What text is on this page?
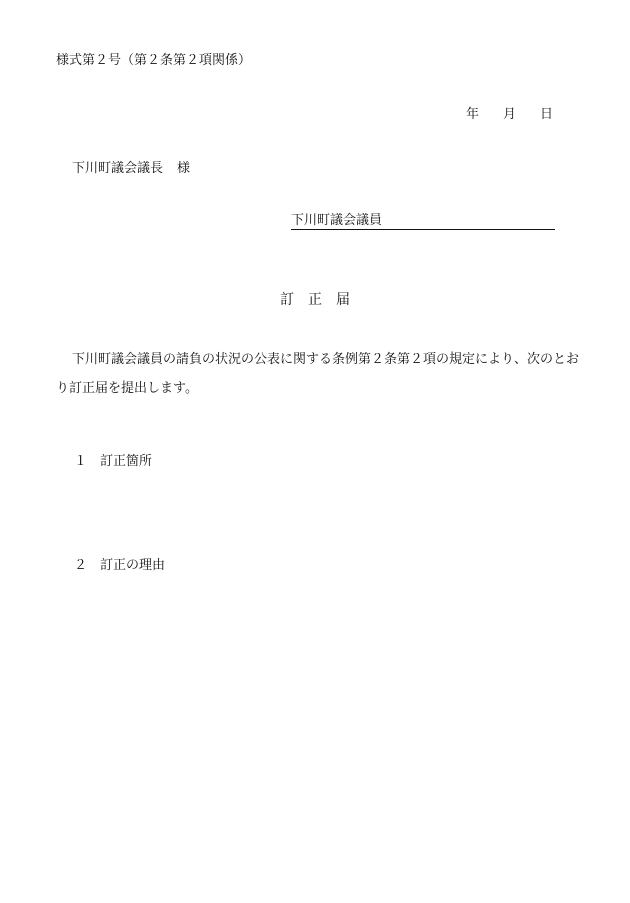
様式第２号（第２条第２項関係）
年 月 日
下川町議会議長 様
下川町議会議員
訂正届
下川町議会議員の請負の状況の公表に関する条例第２条第２項の規定により、次のとおり訂正届を提出します。
１ 訂正箇所
２ 訂正の理由
